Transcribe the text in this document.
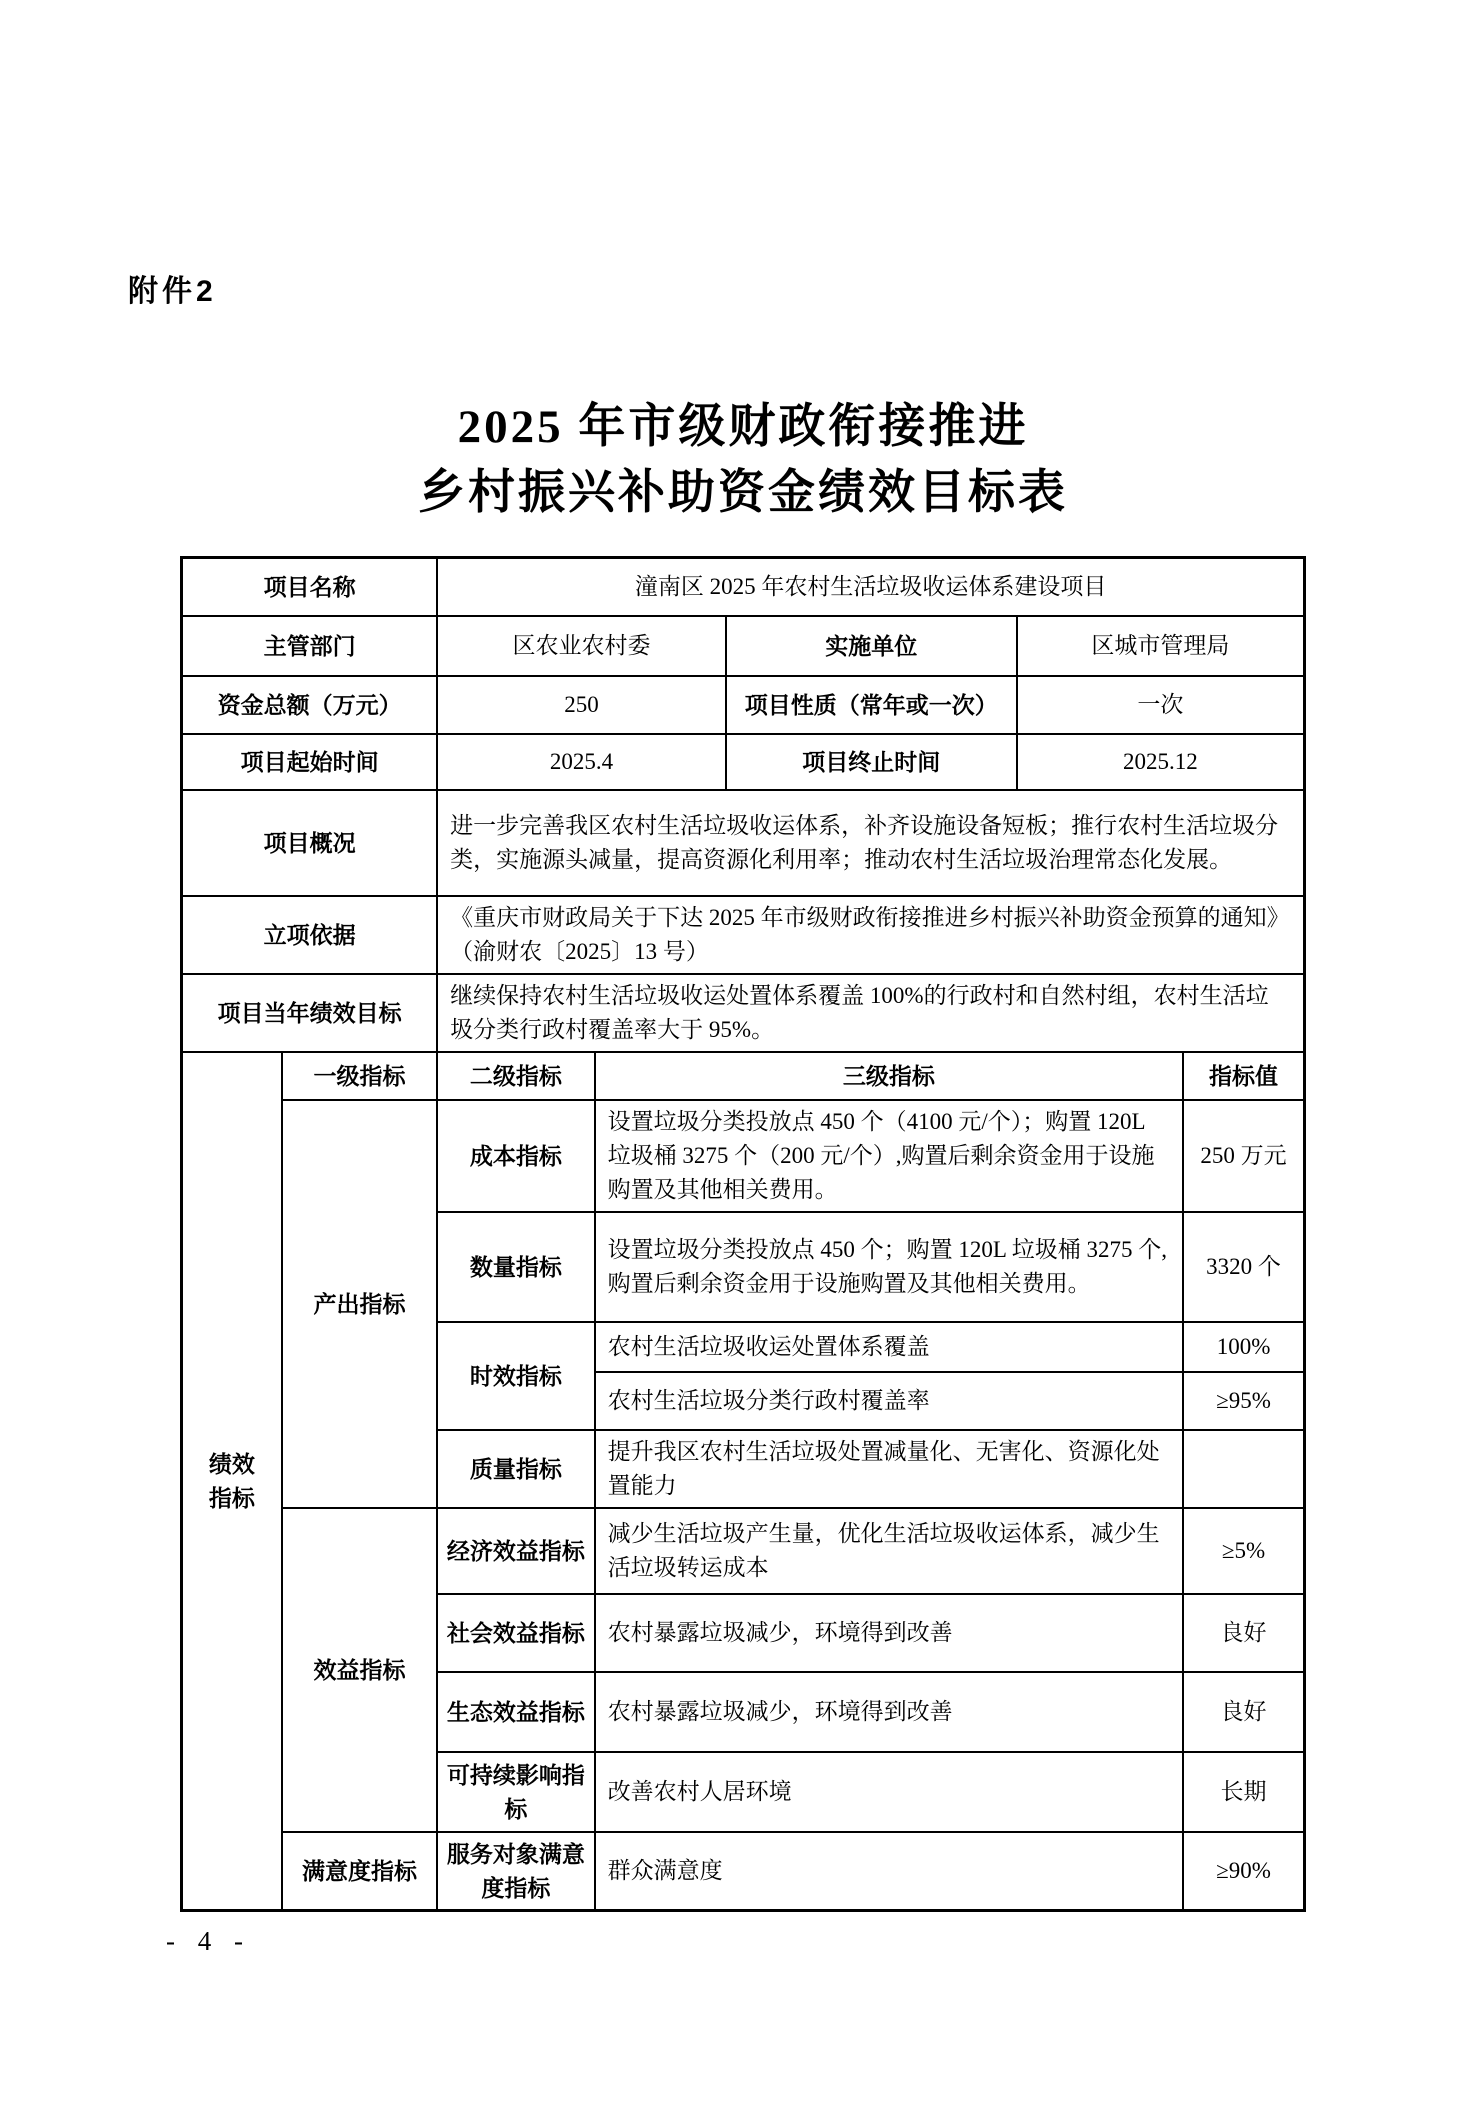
附件2
2025 年市级财政衔接推进
乡村振兴补助资金绩效目标表
项目名称		潼南区 2025 年农村生活垃圾收运体系建设项目				
主管部门		区农业农村委		实施单位	区城市管理局	
资金总额（万元）		250		项目性质（常年或一次）	一次	
项目起始时间		2025.4		项目终止时间	2025.12	
项目概况		进一步完善我区农村生活垃圾收运体系，补齐设施设备短板；推行农村生活垃圾分类，实施源头减量，提高资源化利用率；推动农村生活垃圾治理常态化发展。				
立项依据		《重庆市财政局关于下达 2025 年市级财政衔接推进乡村振兴补助资金预算的通知》（渝财农〔2025〕13 号）				
项目当年绩效目标		继续保持农村生活垃圾收运处置体系覆盖 100%的行政村和自然村组，农村生活垃圾分类行政村覆盖率大于 95%。				
绩效指标	一级指标	二级指标	三级指标			指标值
	产出指标	成本指标	设置垃圾分类投放点 450 个（4100 元/个）；购置 120L 垃圾桶 3275 个（200 元/个）,购置后剩余资金用于设施购置及其他相关费用。			250 万元
		数量指标	设置垃圾分类投放点 450 个；购置 120L 垃圾桶 3275 个,购置后剩余资金用于设施购置及其他相关费用。			3320 个
		时效指标	农村生活垃圾收运处置体系覆盖			100%
			农村生活垃圾分类行政村覆盖率			≥95%
		质量指标	提升我区农村生活垃圾处置减量化、无害化、资源化处置能力			
	效益指标	经济效益指标	减少生活垃圾产生量，优化生活垃圾收运体系，减少生活垃圾转运成本			≥5%
		社会效益指标	农村暴露垃圾减少，环境得到改善			良好
		生态效益指标	农村暴露垃圾减少，环境得到改善			良好
		可持续影响指标	改善农村人居环境			长期
	满意度指标	服务对象满意度指标	群众满意度			≥90%
- 4 -
